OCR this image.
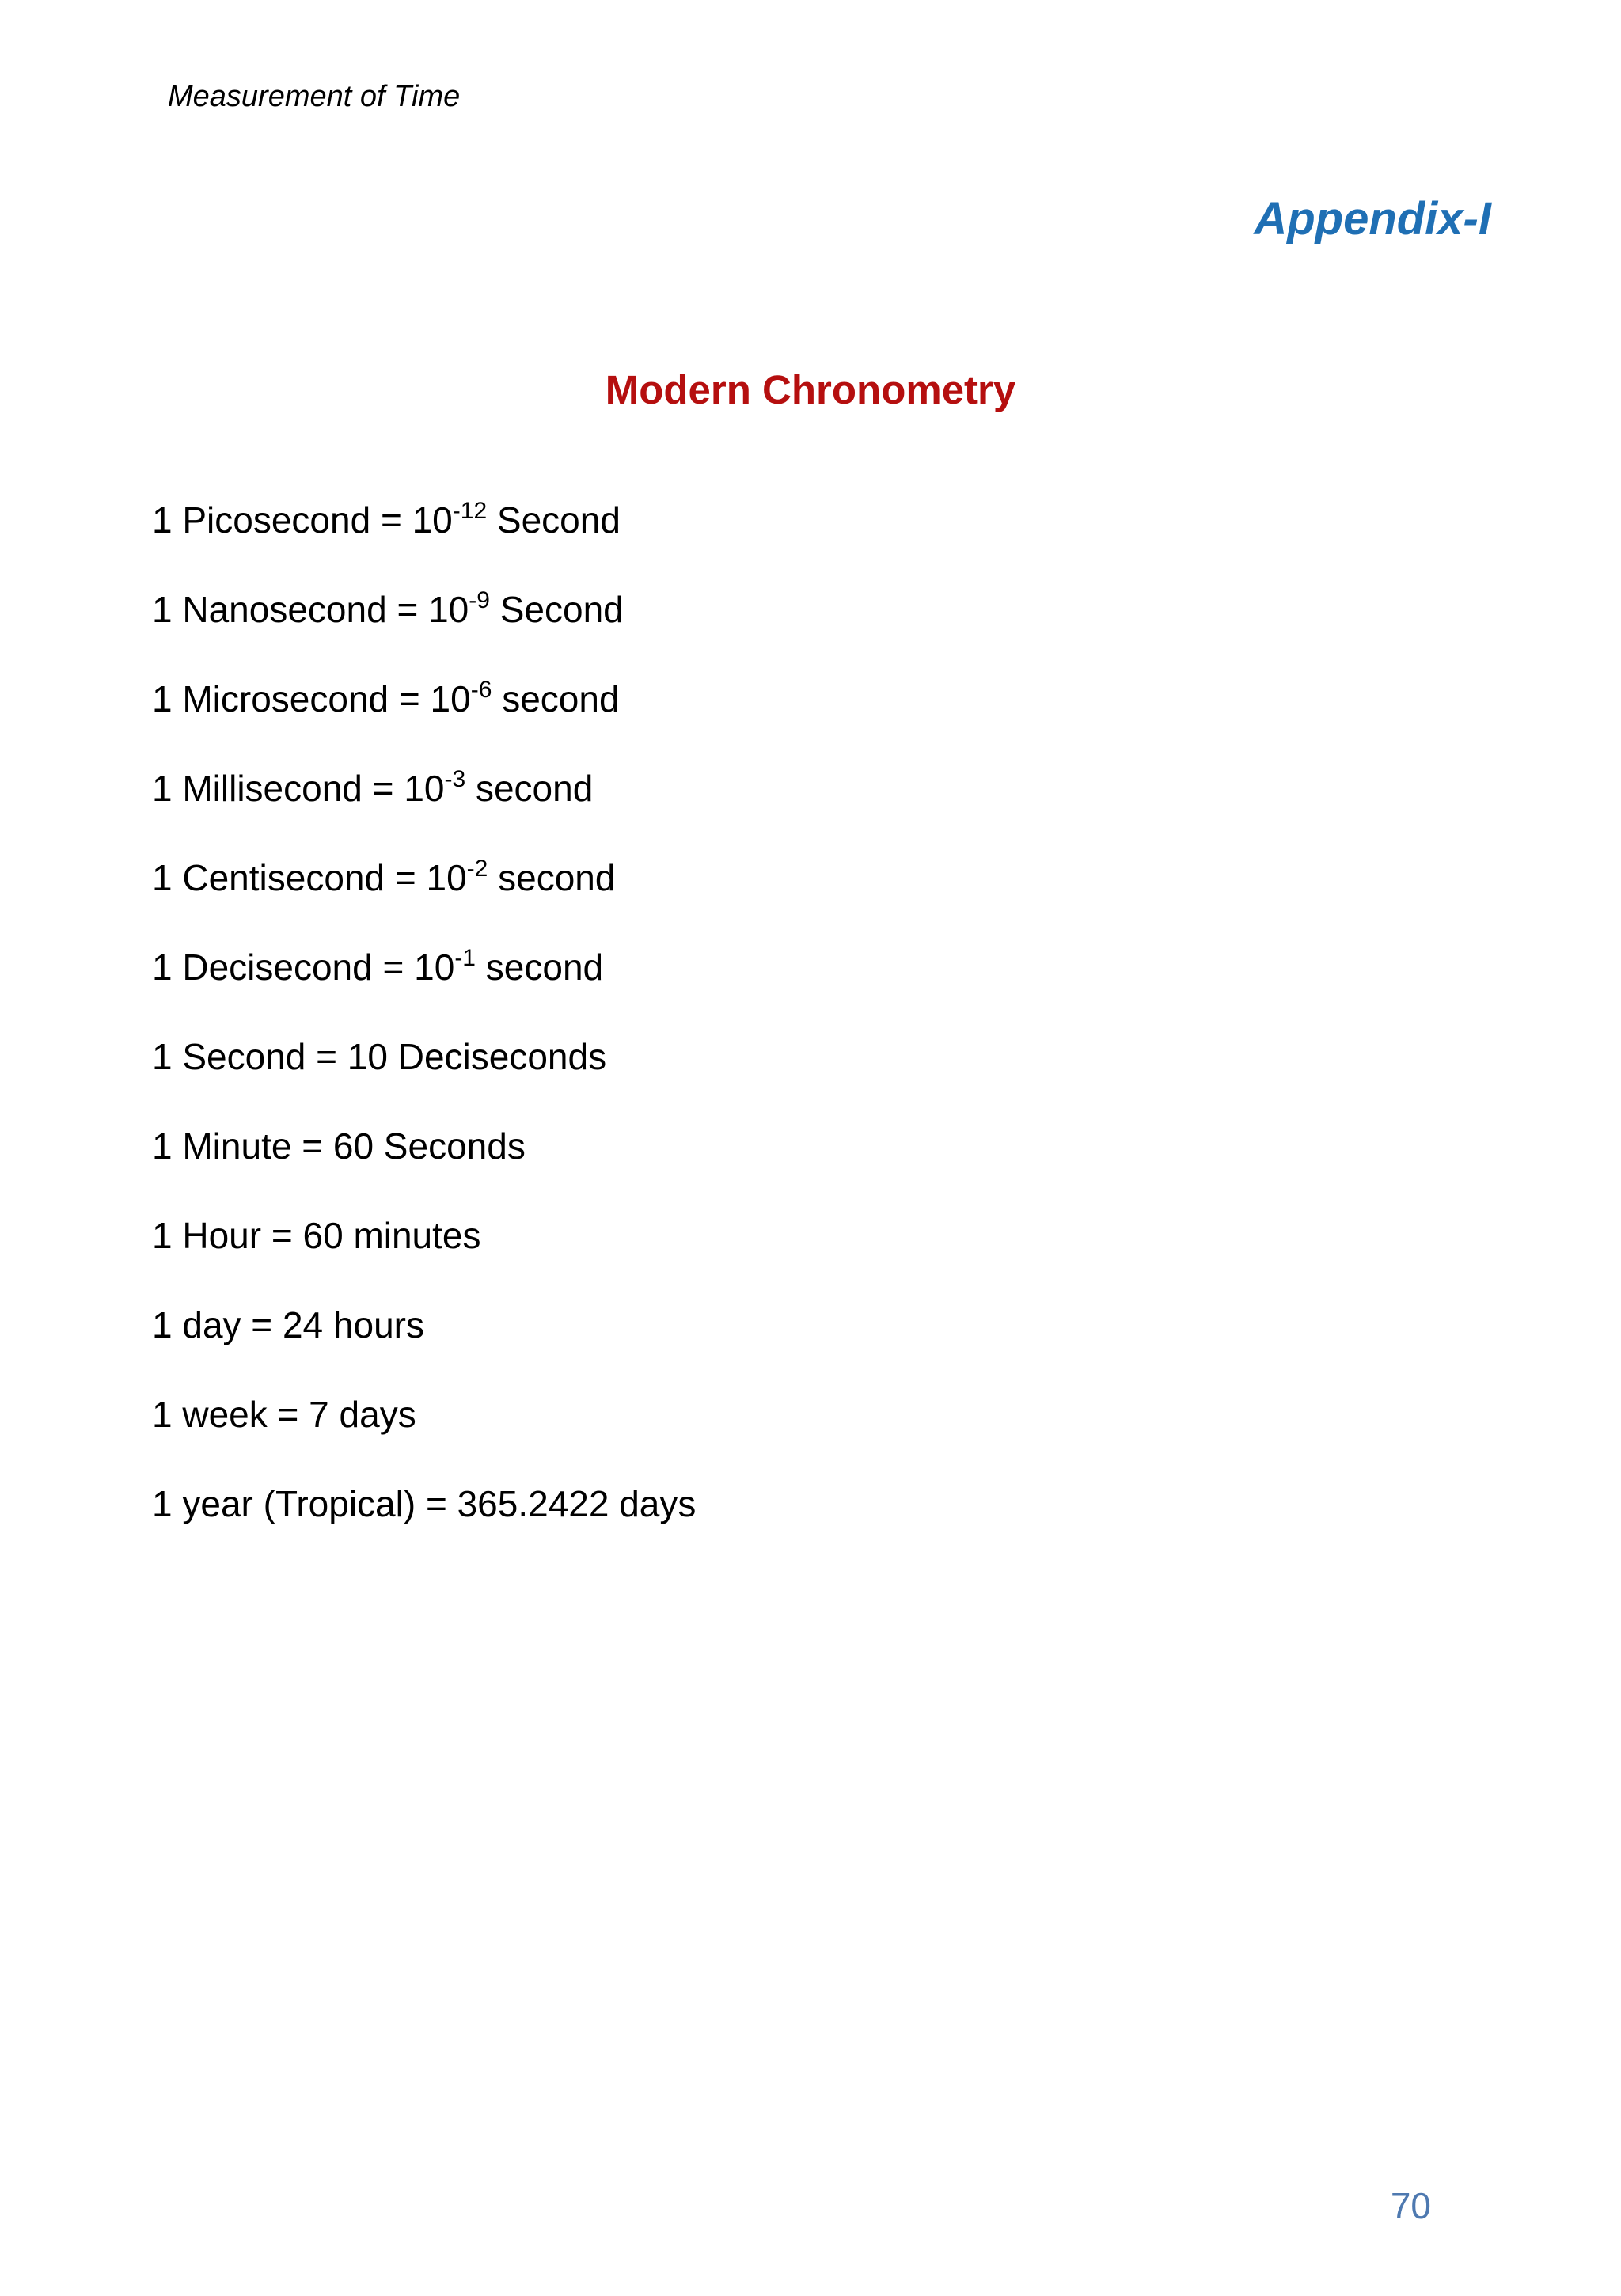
Measurement of Time
Appendix-I
Modern Chronometry
1 Picosecond = $10^{-12}$ Second
1 Nanosecond = $10^{-9}$ Second
1 Microsecond = $10^{-6}$ second
1 Millisecond = $10^{-3}$ second
1 Centisecond = $10^{-2}$ second
1 Decisecond = $10^{-1}$ second
1 Second = 10 Deciseconds
1 Minute = 60 Seconds
1 Hour = 60 minutes
1 day = 24 hours
1 week = 7 days
1 year (Tropical) = 365.2422 days
70
